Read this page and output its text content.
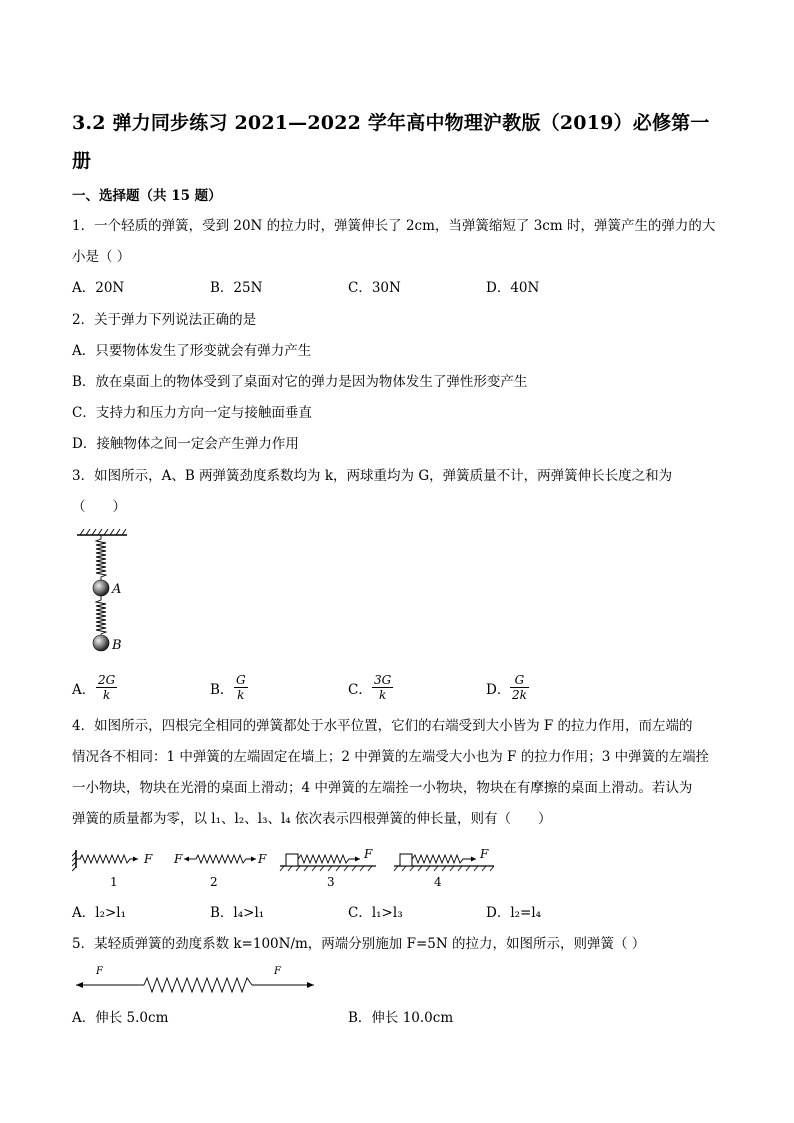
3.2 弹力同步练习 2021—2022 学年高中物理沪教版（2019）必修第一
册
一、选择题（共 15 题）
1．一个轻质的弹簧，受到 20N 的拉力时，弹簧伸长了 2cm，当弹簧缩短了 3cm 时，弹簧产生的弹力的大
小是（ ）
A．20N	B．25N	C．30N	D．40N
2．关于弹力下列说法正确的是
A．只要物体发生了形变就会有弹力产生
B．放在桌面上的物体受到了桌面对它的弹力是因为物体发生了弹性形变产生
C．支持力和压力方向一定与接触面垂直
D．接触物体之间一定会产生弹力作用
3．如图所示，A、B 两弹簧劲度系数均为 k，两球重均为 G，弹簧质量不计，两弹簧伸长长度之和为
（　　）
A
B
A． $\frac{2G}{k}$	B． $\frac{G}{k}$	C． $\frac{3G}{k}$	D． $\frac{G}{2k}$
4．如图所示，四根完全相同的弹簧都处于水平位置，它们的右端受到大小皆为 F 的拉力作用，而左端的
情况各不相同：1 中弹簧的左端固定在墙上；2 中弹簧的左端受大小也为 F 的拉力作用；3 中弹簧的左端拴
一小物块，物块在光滑的桌面上滑动；4 中弹簧的左端拴一小物块，物块在有摩擦的桌面上滑动。若认为
弹簧的质量都为零，以 l₁、l₂、l₃、l₄ 依次表示四根弹簧的伸长量，则有（　　）
F
1
F	F
2
F
3
F
4
A．l₂>l₁	B．l₄>l₁	C．l₁>l₃	D．l₂=l₄
5．某轻质弹簧的劲度系数 k=100N/m，两端分别施加 F=5N 的拉力，如图所示，则弹簧（ ）
F	F
A．伸长 5.0cm	B．伸长 10.0cm
